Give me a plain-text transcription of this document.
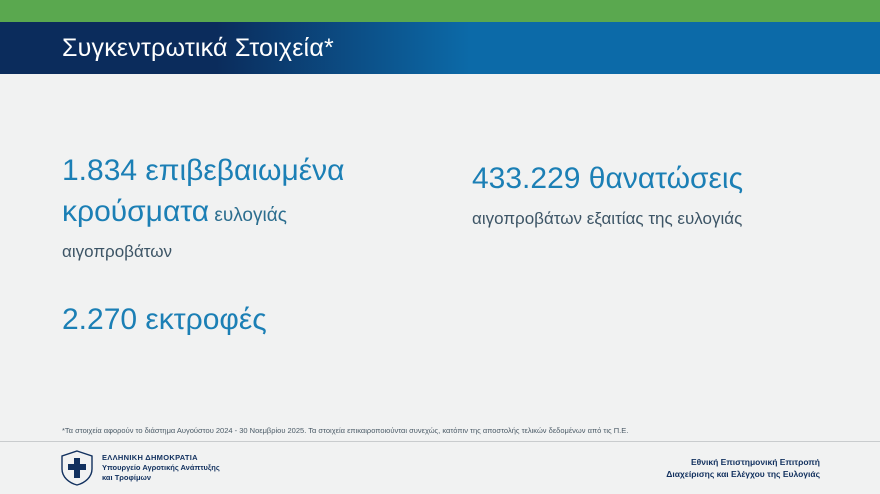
Συγκεντρωτικά Στοιχεία*

1.834 επιβεβαιωμένα

κρούσματα ευλογιάς

αιγοπροβάτων

2.270 εκτροφές

433.229 θανατώσεις

αιγοπροβάτων εξαιτίας της ευλογιάς

*Τα στοιχεία αφορούν το διάστημα Αυγούστου 2024 - 30 Νοεμβρίου 2025. Τα στοιχεία επικαιροποιούνται συνεχώς, κατόπιν της αποστολής τελικών δεδομένων από τις Π.Ε.
ΕΛΛΗΝΙΚΗ ΔΗΜΟΚΡΑΤΙΑ
Υπουργείο Αγροτικής Ανάπτυξης
και Τροφίμων
Εθνική Επιστημονική Επιτροπή
Διαχείρισης και Ελέγχου της Ευλογιάς
